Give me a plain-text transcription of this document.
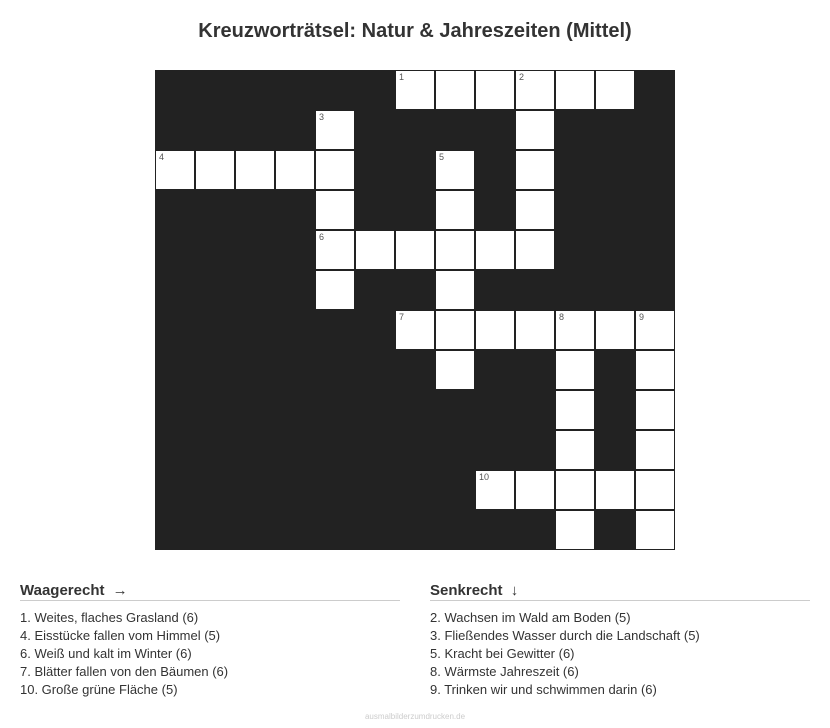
Kreuzworträtsel: Natur & Jahreszeiten (Mittel)
1	2
3
4	5
6
7	8	9
10
Waagerecht →
1. Weites, flaches Grasland (6)
4. Eisstücke fallen vom Himmel (5)
6. Weiß und kalt im Winter (6)
7. Blätter fallen von den Bäumen (6)
10. Große grüne Fläche (5)
Senkrecht ↓
2. Wachsen im Wald am Boden (5)
3. Fließendes Wasser durch die Landschaft (5)
5. Kracht bei Gewitter (6)
8. Wärmste Jahreszeit (6)
9. Trinken wir und schwimmen darin (6)
ausmalbilderzumdrucken.de
